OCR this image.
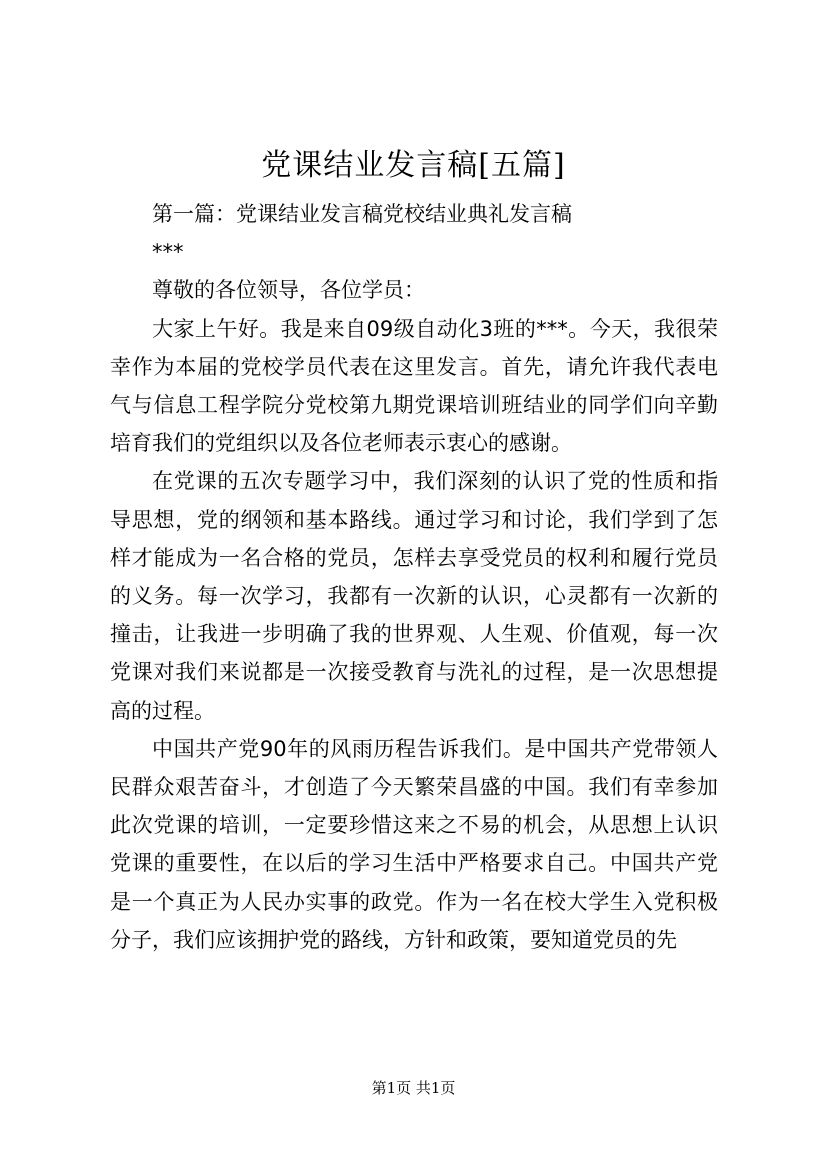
党课结业发言稿[五篇]

第一篇：党课结业发言稿党校结业典礼发言稿

***

尊敬的各位领导，各位学员：

大家上午好。我是来自09级自动化3班的***。今天，我很荣幸作为本届的党校学员代表在这里发言。首先，请允许我代表电气与信息工程学院分党校第九期党课培训班结业的同学们向辛勤培育我们的党组织以及各位老师表示衷心的感谢。

在党课的五次专题学习中，我们深刻的认识了党的性质和指导思想，党的纲领和基本路线。通过学习和讨论，我们学到了怎样才能成为一名合格的党员，怎样去享受党员的权利和履行党员的义务。每一次学习，我都有一次新的认识，心灵都有一次新的撞击，让我进一步明确了我的世界观、人生观、价值观，每一次党课对我们来说都是一次接受教育与洗礼的过程，是一次思想提高的过程。

中国共产党90年的风雨历程告诉我们。是中国共产党带领人民群众艰苦奋斗，才创造了今天繁荣昌盛的中国。我们有幸参加此次党课的培训，一定要珍惜这来之不易的机会，从思想上认识党课的重要性，在以后的学习生活中严格要求自己。中国共产党是一个真正为人民办实事的政党。作为一名在校大学生入党积极分子，我们应该拥护党的路线，方针和政策，要知道党员的先

第1页 共1页
